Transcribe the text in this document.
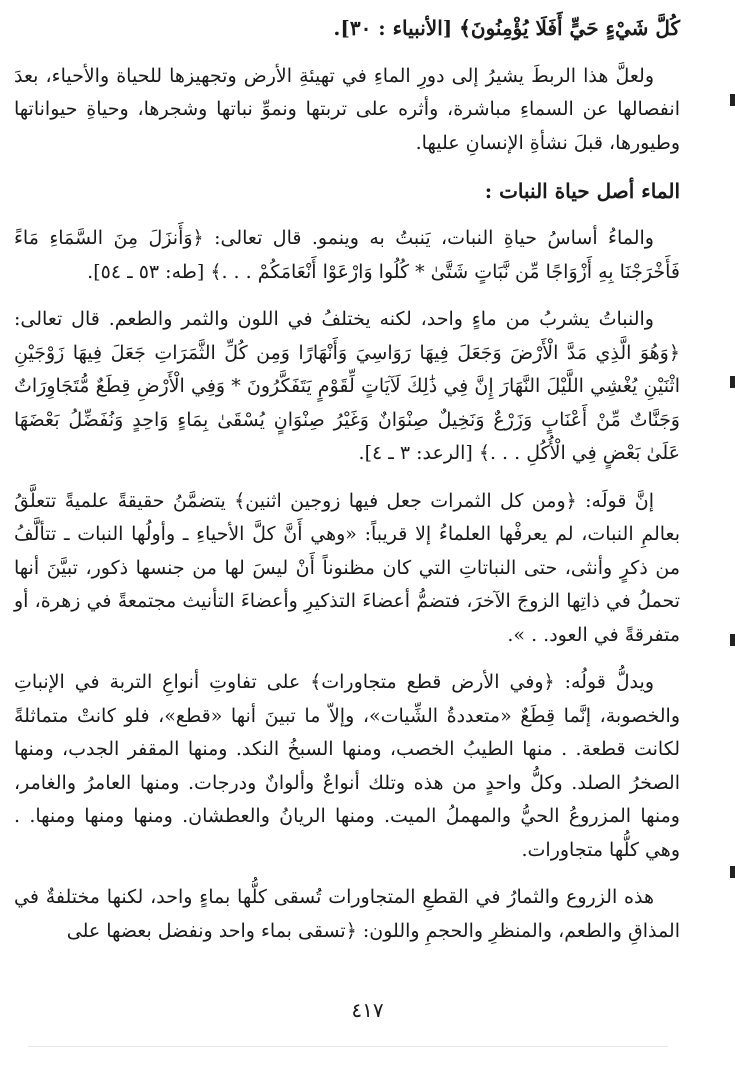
كُلَّ شَيْءٍ حَيٍّ أَفَلَا يُؤْمِنُونَ﴾ [الأنبياء : ٣٠].

ولعلَّ هذا الربطَ يشيرُ إلى دورِ الماءِ في تهيئةِ الأرض وتجهيزها للحياة والأحياء، بعدَ انفصالها عن السماءِ مباشرة، وأثره على تربتها ونموِّ نباتها وشجرها، وحياةِ حيواناتها وطيورها، قبلَ نشأةِ الإنسانِ عليها.

الماء أصل حياة النبات :

والماءُ أساسُ حياةِ النبات، يَنبتُ به وينمو. قال تعالى: ﴿وَأَنزَلَ مِنَ السَّمَاءِ مَاءً فَأَخْرَجْنَا بِهِ أَزْوَاجًا مِّن نَّبَاتٍ شَتَّىٰ * كُلُوا وَارْعَوْا أَنْعَامَكُمْ . . .﴾ [طه: ٥٣ ـ ٥٤].

والنباتُ يشربُ من ماءٍ واحد، لكنه يختلفُ في اللون والثمر والطعم. قال تعالى: ﴿وَهُوَ الَّذِي مَدَّ الْأَرْضَ وَجَعَلَ فِيهَا رَوَاسِيَ وَأَنْهَارًا وَمِن كُلِّ الثَّمَرَاتِ جَعَلَ فِيهَا زَوْجَيْنِ اثْنَيْنِ يُغْشِي اللَّيْلَ النَّهَارَ إِنَّ فِي ذَٰلِكَ لَآيَاتٍ لِّقَوْمٍ يَتَفَكَّرُونَ * وَفِي الْأَرْضِ قِطَعٌ مُّتَجَاوِرَاتٌ وَجَنَّاتٌ مِّنْ أَعْنَابٍ وَزَرْعٌ وَنَخِيلٌ صِنْوَانٌ وَغَيْرُ صِنْوَانٍ يُسْقَىٰ بِمَاءٍ وَاحِدٍ وَنُفَضِّلُ بَعْضَهَا عَلَىٰ بَعْضٍ فِي الْأُكُلِ . . .﴾ [الرعد: ٣ ـ ٤].

إنَّ قولَه: ﴿ومن كل الثمرات جعل فيها زوجين اثنين﴾ يتضمَّنُ حقيقةً علميةً تتعلَّقُ بعالمِ النبات، لم يعرفْها العلماءُ إلا قريباً: «وهي أَنَّ كلَّ الأحياءِ ـ وأولُها النبات ـ تتألَّفُ من ذكرٍ وأنثى، حتى النباتاتِ التي كان مظنوناً أَنْ ليسَ لها من جنسها ذكور، تبيَّنَ أنها تحملُ في ذاتِها الزوجَ الآخرَ، فتضمُّ أعضاءَ التذكيرِ وأعضاءَ التأنيث مجتمعةً في زهرة، أو متفرقةً في العود. . ».

ويدلُّ قولُه: ﴿وفي الأرض قطع متجاورات﴾ على تفاوتِ أنواعِ التربة في الإنباتِ والخصوبة، إنَّما قِطَعٌ «متعددةُ الشِّيات»، وإلاّ ما تبينَ أنها «قطع»، فلو كانتْ متماثلةً لكانت قطعة. . منها الطيبُ الخصب، ومنها السبخُ النكد. ومنها المقفر الجدب، ومنها الصخرُ الصلد. وكلُّ واحدٍ من هذه وتلك أنواعٌ وألوانٌ ودرجات. ومنها العامرُ والغامر، ومنها المزروعُ الحيُّ والمهملُ الميت. ومنها الريانُ والعطشان. ومنها ومنها ومنها. . وهي كلُّها متجاورات.

هذه الزروع والثمارُ في القطعِ المتجاورات تُسقى كلُّها بماءٍ واحد، لكنها مختلفةٌ في المذاقِ والطعم، والمنظرِ والحجمِ واللون: ﴿تسقى بماء واحد ونفضل بعضها على

٤١٧
